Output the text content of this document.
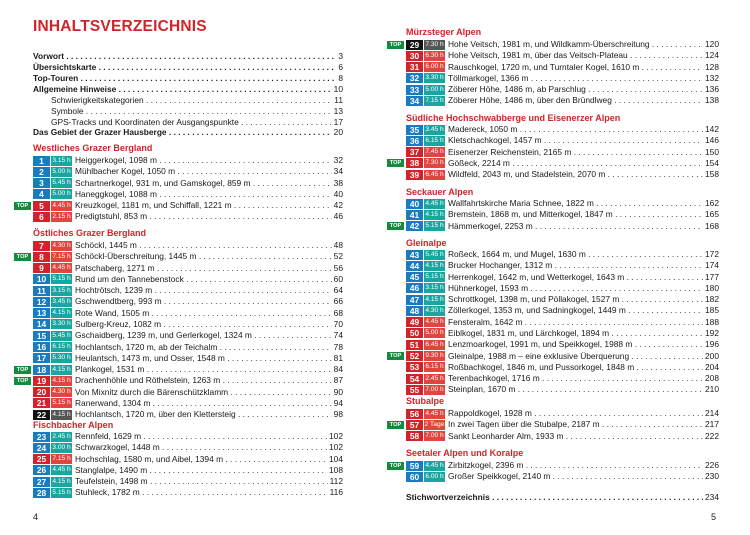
INHALTSVERZEICHNIS
Vorwort . . .	3
Übersichtskarte . . .	6
Top-Touren . . .	8
Allgemeine Hinweise . . .	10
Schwierigkeitskategorien . . .	11
Symbole . . .	13
GPS-Tracks und Koordinaten der Ausgangspunkte . . .	17
Das Gebiet der Grazer Hausberge . . .	20
Westliches Grazer Bergland
1	3.15 h Heiggerkogel, 1098 m . . .	32
2	5.00 h Mühlbacher Kogel, 1050 m . . .	34
3	5.45 h Schartnerkogel, 931 m, und Gamskogel, 859 m . . .	38
4	5.00 h Haneggkogel, 1088 m . . .	40
TOP	5	4.45 h Kreuzkogel, 1181 m, und Schiffall, 1221 m . . .	42
6	2.15 h Predigtstuhl, 853 m . . .	46
Östliches Grazer Bergland
7	4.30 h Schöckl, 1445 m . . .	48
TOP	8	7.15 h Schöckl-Überschreitung, 1445 m . . .	52
9	4.45 h Patschaberg, 1271 m . . .	56
10 5.15 h Rund um den Tannebenstock . . .	60
11 3.15 h Hochtrötsch, 1239 m . . .	64
12 3.45 h Gschwendtberg, 993 m . . .	66
13 4.15 h Rote Wand, 1505 m . . .	68
14 3.30 h Sulberg-Kreuz, 1082 m . . .	70
15 5.45 h Gschaidberg, 1239 m, und Gerlerkogel, 1324 m . . .	74
16 6.15 h Hochlantsch, 1720 m, ab der Teichalm . . .	78
17 5.30 h Heulantsch, 1473 m, und Osser, 1548 m . . .	81
TOP	18 4.15 h Plankogel, 1531 m . . .	84
TOP	19 4.15 h Drachenhöhle und Röthelstein, 1263 m . . .	87
20 4.30 h Von Mixnitz durch die Bärenschützklamm . . .	90
21 5.15 h Ranerwand, 1304 m . . .	94
22 4.15 h Hochlantsch, 1720 m, über den Klettersteig . . .	98
Fischbacher Alpen
23 2.45 h Rennfeld, 1629 m . . .	102
24 3.00 h Schwarzkogel, 1448 m . . .	102
25 7.15 h Hochschlag, 1580 m, und Aibel, 1394 m . . .	104
26 4.45 h Stanglalpe, 1490 m . . .	108
27 4.15 h Teufelstein, 1498 m . . .	112
28 5.15 h Stuhleck, 1782 m . . .	116
4
Mürzsteger Alpen
TOP	29 7.30 h Hohe Veitsch, 1981 m, und Wildkamm-Überschreitung . . .	120
30 6.30 h Hohe Veitsch, 1981 m, über das Veitsch-Plateau . . .	124
31 6.00 h Rauschkogel, 1720 m, und Turntaler Kogel, 1610 m . . .	128
32 3.30 h Töllmarkogel, 1366 m . . .	132
33 5.00 h Zöberer Höhe, 1486 m, ab Parschlug . . .	136
34 7.15 h Zöberer Höhe, 1486 m, über den Bründlweg . . .	138
Südliche Hochschwabberge und Eisenerzer Alpen
35 3.45 h Madereck, 1050 m . . .	142
36 6.15 h Kletschachkogel, 1457 m . . .	146
37 7.45 h Eisenerzer Reichenstein, 2165 m . . .	150
TOP	38 7.30 h Gößeck, 2214 m . . .	154
39 6.45 h Wildfeld, 2043 m, und Stadelstein, 2070 m . . .	158
Seckauer Alpen
40 4.45 h Wallfahrtskirche Maria Schnee, 1822 m . . .	162
41 4.15 h Bremstein, 1868 m, und Mitterkogel, 1847 m . . .	165
TOP	42 5.15 h Hämmerkogel, 2253 m . . .	168
Gleinalpe
43 5.45 h Roßeck, 1664 m, und Mugel, 1630 m . . .	172
44 4.15 h Brucker Hochanger, 1312 m . . .	174
45 5.15 h Herrenkogel, 1642 m, und Wetterkogel, 1643 m . . .	177
46 3.15 h Hühnerkogel, 1593 m . . .	180
47 4.15 h Schrottkogel, 1398 m, und Pöllakogel, 1527 m . . .	182
48 4.30 h Zöllerkogel, 1353 m, und Sadningkogel, 1449 m . . .	185
49 4.45 h Fensteralm, 1642 m . . .	188
50 5.00 h Eiblkogel, 1831 m, und Lärchkogel, 1894 m . . .	192
51 6.45 h Lenzmoarkogel, 1991 m, und Speikkogel, 1988 m . . .	196
TOP	52 9.30 h Gleinalpe, 1988 m – eine exklusive Überquerung . . .	200
53 6.15 h Roßbachkogel, 1846 m, und Pussorkogel, 1848 m . . .	204
54 2.45 h Terenbachkogel, 1716 m . . .	208
55 7.00 h Steinplan, 1670 m . . .	210
Stubalpe
56 4.45 h Rappoldkogel, 1928 m . . .	214
TOP	57 2 Tage In zwei Tagen über die Stubalpe, 2187 m . . .	217
58 7.00 h Sankt Leonharder Alm, 1933 m . . .	222
Seetaler Alpen und Koralpe
TOP	59 4.45 h Zirbitzkogel, 2396 m . . .	226
60 6.00 h Großer Speikkogel, 2140 m . . .	230
Stichwortverzeichnis . . .	234
5
